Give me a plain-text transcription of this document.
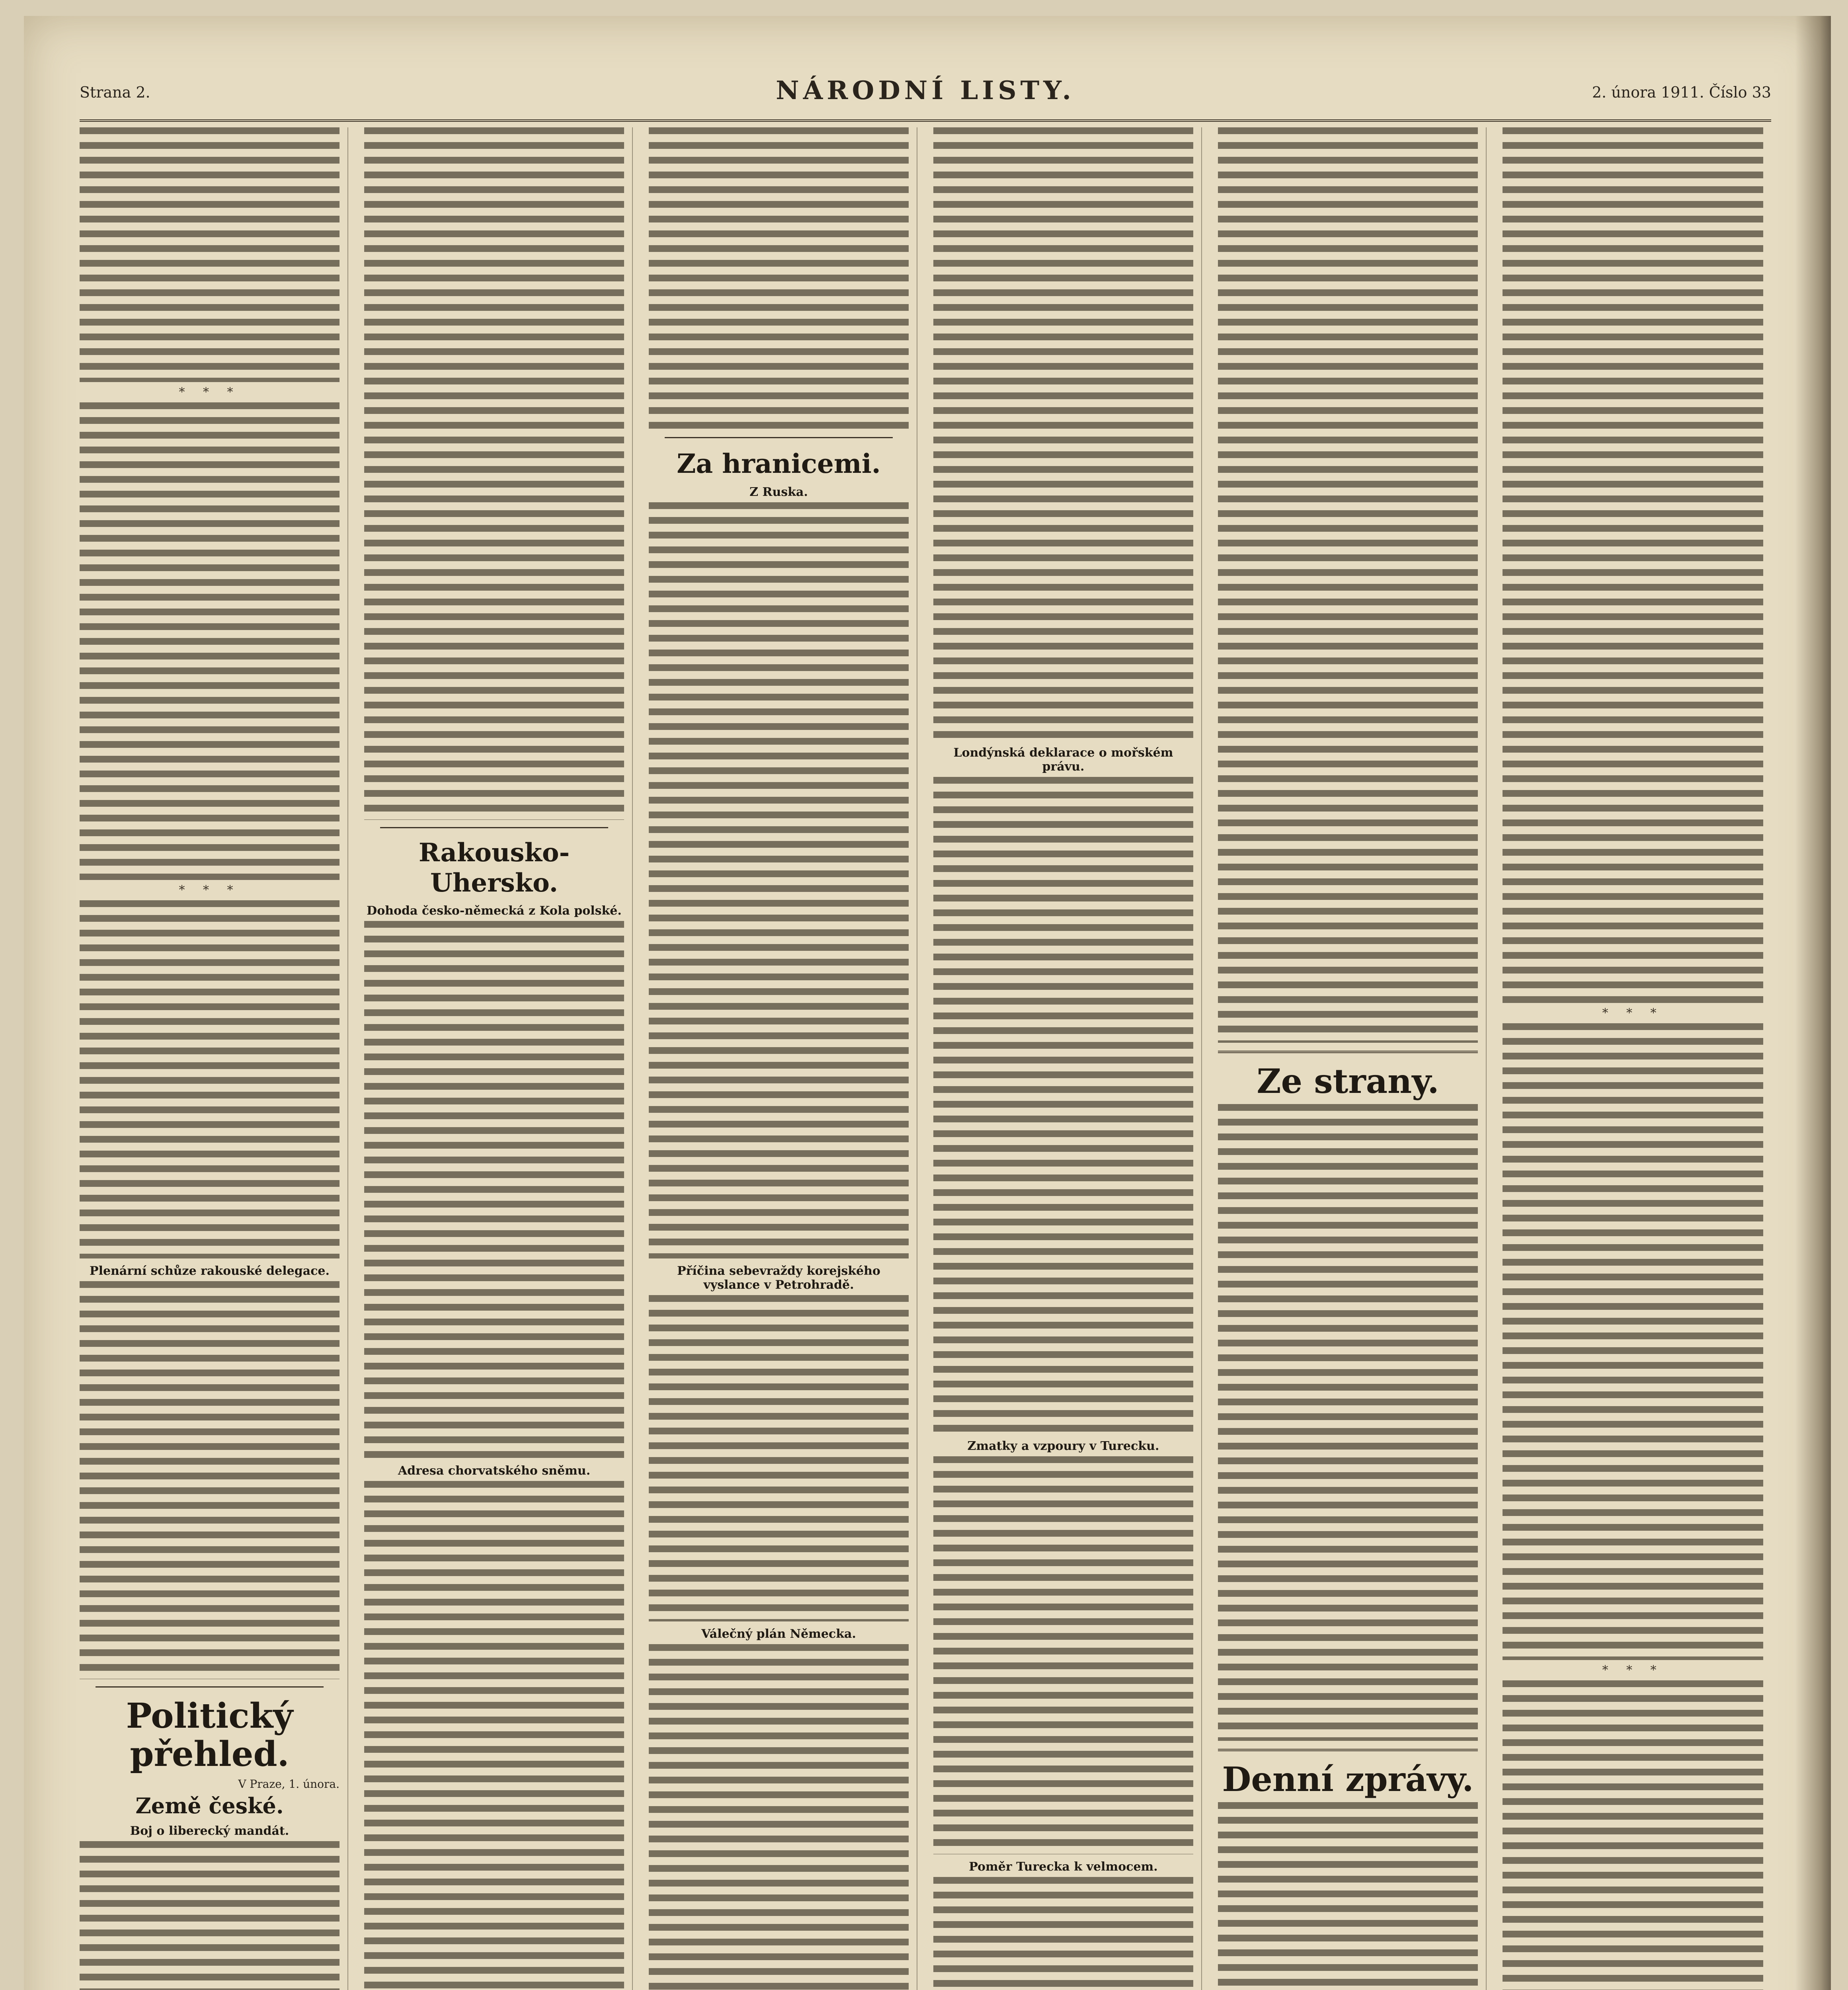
Strana 2.	NÁRODNÍ LISTY.	2. února 1911. Číslo 33

* * *

* * *

Plenární schůze rakouské delegace.

Politický přehled.
V Praze, 1. února.
Země české.
Boj o liberecký mandát.

Rakousko-Uhersko.
Dohoda česko-německá z Kola polské.

Adresa chorvatského sněmu.

Za hranicemi.
Z Ruska.

Příčina sebevraždy korejského vyslance v Petrohradě.

Válečný plán Německa.

Londýnská deklarace o mořském právu.

Zmatky a vzpoury v Turecku.

Poměr Turecka k velmocem.

Ze strany.

Denní zprávy.

* * *

* * *
